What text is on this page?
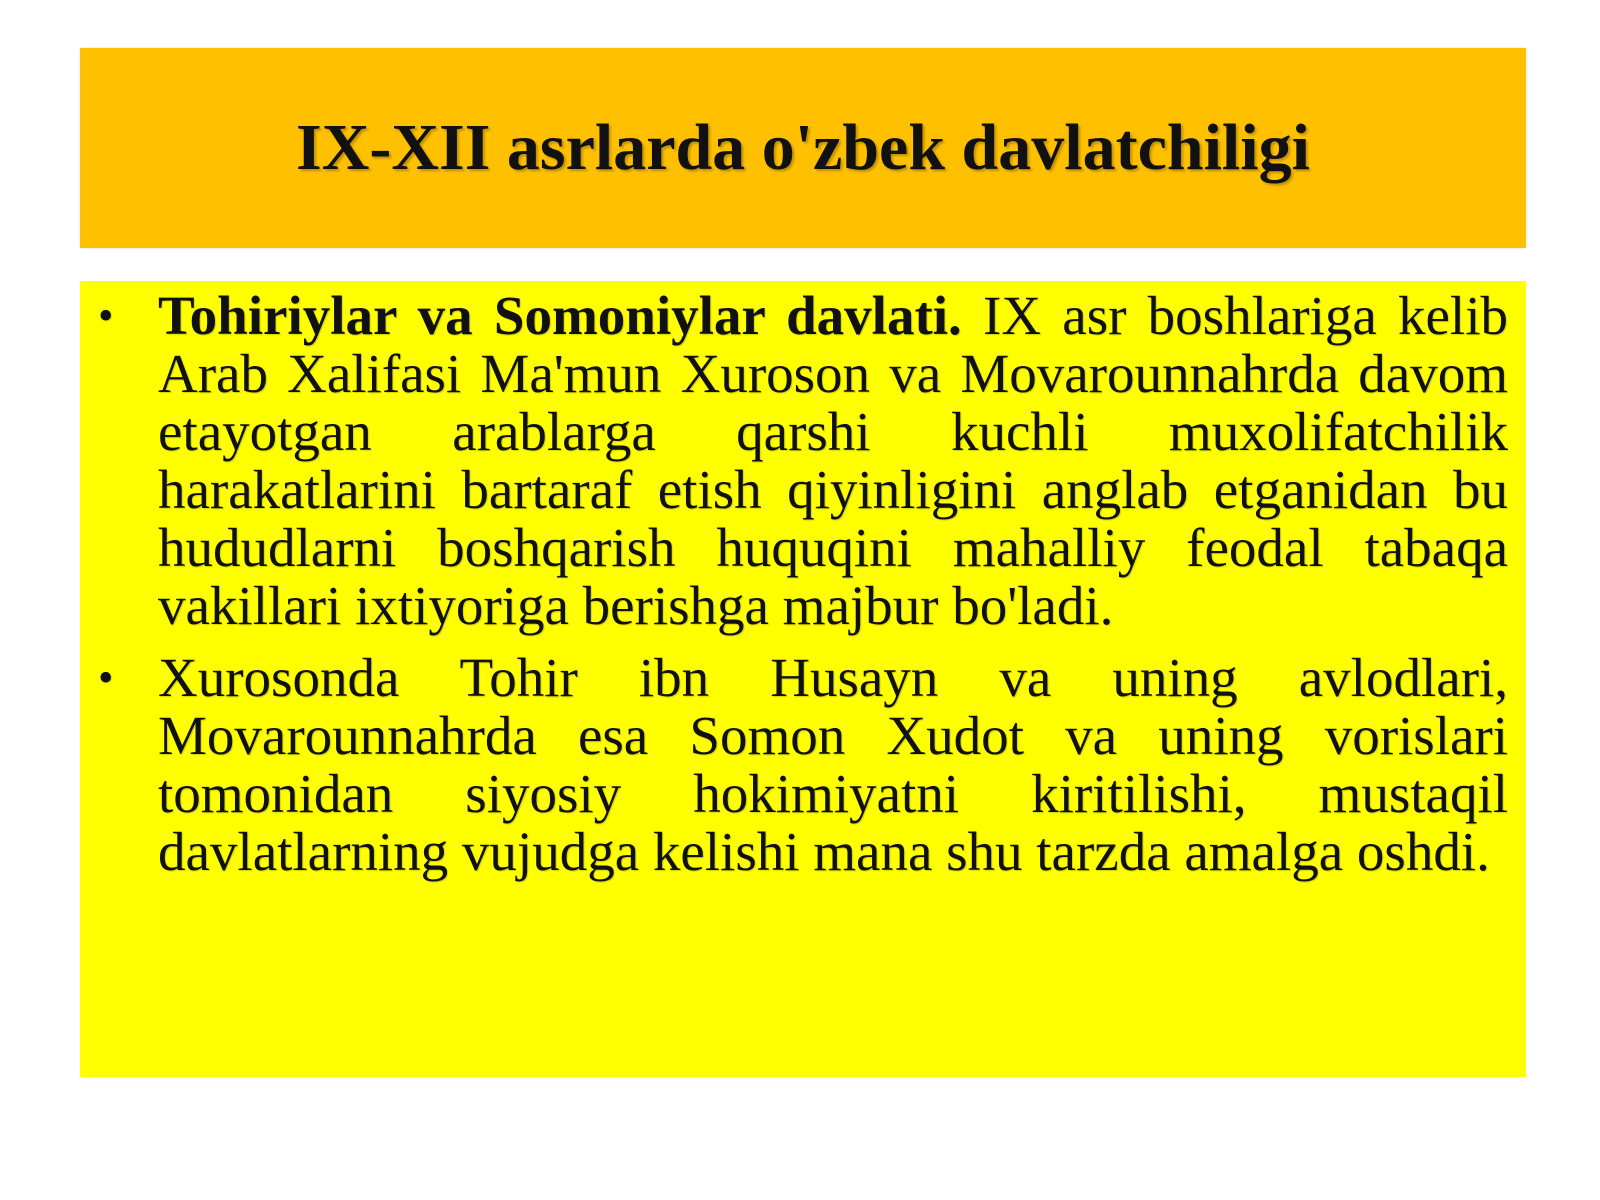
IX-XII asrlarda o'zbek davlatchiligi
• Tohiriylar va Somoniylar davlati. IX asr boshlariga kelib Arab Xalifasi Ma'mun Xuroson va Movarounnahrda davom etayotgan arablarga qarshi kuchli muxolifatchilik harakatlarini bartaraf etish qiyinligini anglab etganidan bu hududlarni boshqarish huquqini mahalliy feodal tabaqa vakillari ixtiyoriga berishga majbur bo'ladi.
• Xurosonda Tohir ibn Husayn va uning avlodlari, Movarounnahrda esa Somon Xudot va uning vorislari tomonidan siyosiy hokimiyatni kiritilishi, mustaqil davlatlarning vujudga kelishi mana shu tarzda amalga oshdi.
